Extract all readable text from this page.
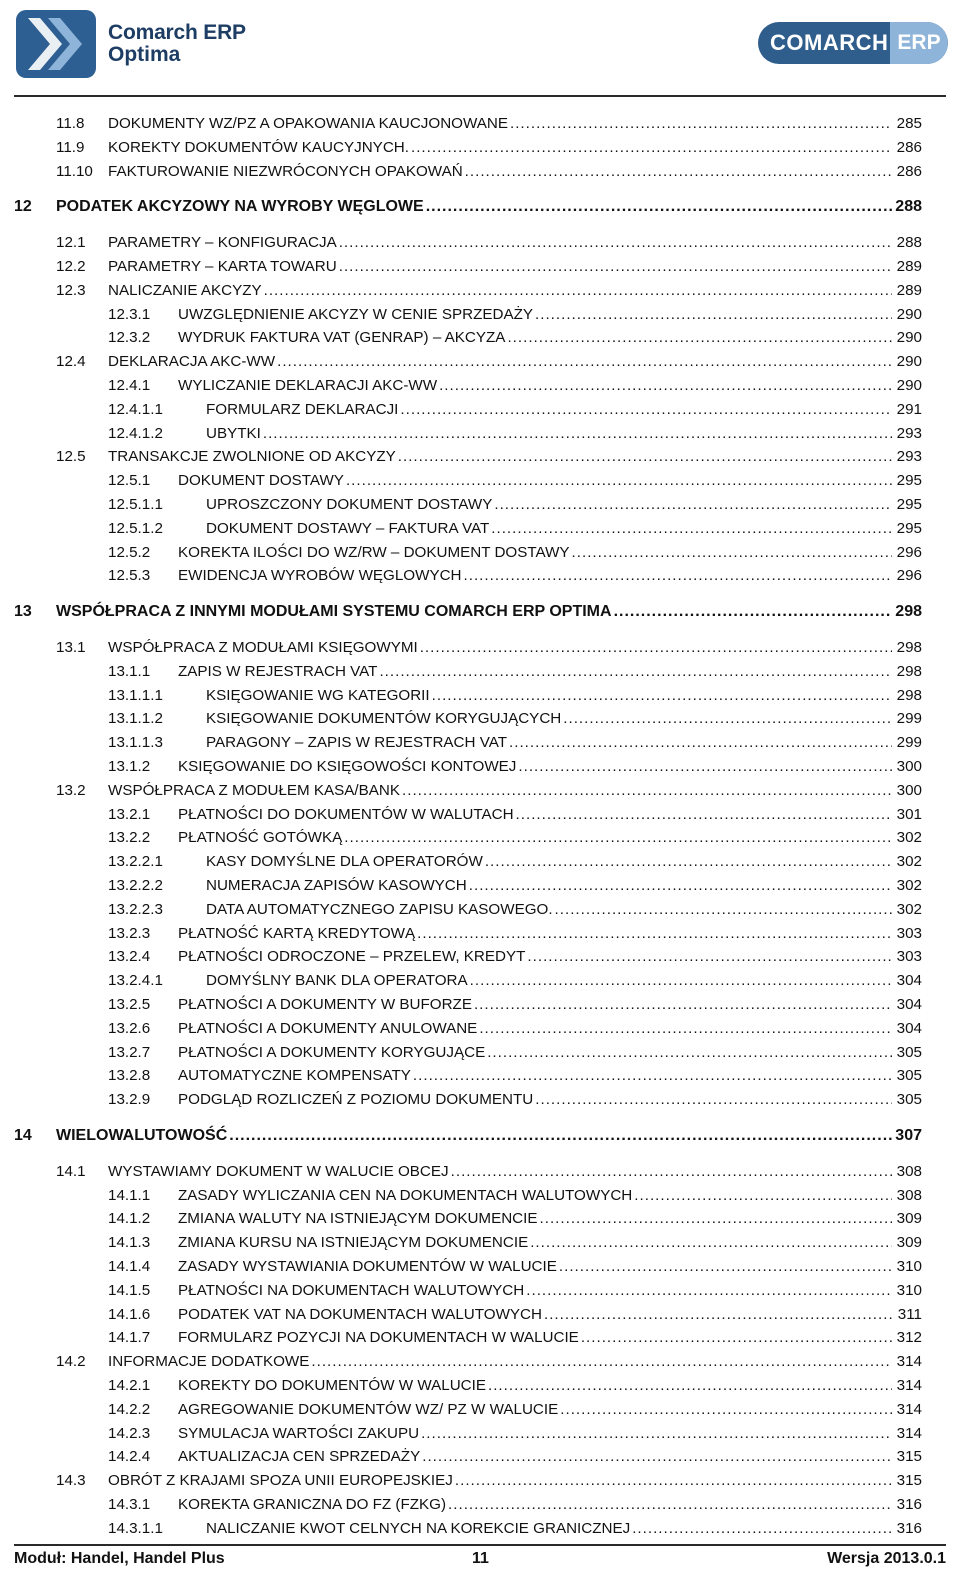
Comarch ERP
Optima	COMARCH ERP
11.8 DOKUMENTY WZ/PZ A OPAKOWANIA KAUCJONOWANE .....	285
11.9 KOREKTY DOKUMENTÓW KAUCYJNYCH. .....	286
11.10 FAKTUROWANIE NIEZWRÓCONYCH OPAKOWAŃ .....	286
12 PODATEK AKCYZOWY NA WYROBY WĘGLOWE .....	288
12.1 PARAMETRY – KONFIGURACJA .....	288
12.2 PARAMETRY – KARTA TOWARU .....	289
12.3 NALICZANIE AKCYZY .....	289
12.3.1 UWZGLĘDNIENIE AKCYZY W CENIE SPRZEDAŻY .....	290
12.3.2 WYDRUK FAKTURA VAT (GENRAP) – AKCYZA .....	290
12.4 DEKLARACJA AKC-WW .....	290
12.4.1 WYLICZANIE DEKLARACJI AKC-WW .....	290
12.4.1.1	FORMULARZ DEKLARACJI .....	291
12.4.1.2	UBYTKI .....	293
12.5 TRANSAKCJE ZWOLNIONE OD AKCYZY .....	293
12.5.1 DOKUMENT DOSTAWY .....	295
12.5.1.1	UPROSZCZONY DOKUMENT DOSTAWY .....	295
12.5.1.2	DOKUMENT DOSTAWY – FAKTURA VAT .....	295
12.5.2 KOREKTA ILOŚCI DO WZ/RW – DOKUMENT DOSTAWY .....	296
12.5.3 EWIDENCJA WYROBÓW WĘGLOWYCH .....	296
13 WSPÓŁPRACA Z INNYMI MODUŁAMI SYSTEMU COMARCH ERP OPTIMA .....	298
13.1 WSPÓŁPRACA Z MODUŁAMI KSIĘGOWYMI .....	298
13.1.1 ZAPIS W REJESTRACH VAT .....	298
13.1.1.1	KSIĘGOWANIE WG KATEGORII .....	298
13.1.1.2	KSIĘGOWANIE DOKUMENTÓW KORYGUJĄCYCH .....	299
13.1.1.3	PARAGONY – ZAPIS W REJESTRACH VAT .....	299
13.1.2 KSIĘGOWANIE DO KSIĘGOWOŚCI KONTOWEJ .....	300
13.2 WSPÓŁPRACA Z MODUŁEM KASA/BANK .....	300
13.2.1 PŁATNOŚCI DO DOKUMENTÓW W WALUTACH .....	301
13.2.2 PŁATNOŚĆ GOTÓWKĄ .....	302
13.2.2.1	KASY DOMYŚLNE DLA OPERATORÓW .....	302
13.2.2.2	NUMERACJA ZAPISÓW KASOWYCH .....	302
13.2.2.3	DATA AUTOMATYCZNEGO ZAPISU KASOWEGO. .....	302
13.2.3 PŁATNOŚĆ KARTĄ KREDYTOWĄ .....	303
13.2.4 PŁATNOŚCI ODROCZONE – PRZELEW, KREDYT .....	303
13.2.4.1	DOMYŚLNY BANK DLA OPERATORA .....	304
13.2.5 PŁATNOŚCI A DOKUMENTY W BUFORZE .....	304
13.2.6 PŁATNOŚCI A DOKUMENTY ANULOWANE .....	304
13.2.7 PŁATNOŚCI A DOKUMENTY KORYGUJĄCE .....	305
13.2.8 AUTOMATYCZNE KOMPENSATY .....	305
13.2.9 PODGLĄD ROZLICZEŃ Z POZIOMU DOKUMENTU .....	305
14 WIELOWALUTOWOŚĆ .....	307
14.1 WYSTAWIAMY DOKUMENT W WALUCIE OBCEJ .....	308
14.1.1 ZASADY WYLICZANIA CEN NA DOKUMENTACH WALUTOWYCH .....	308
14.1.2 ZMIANA WALUTY NA ISTNIEJĄCYM DOKUMENCIE .....	309
14.1.3 ZMIANA KURSU NA ISTNIEJĄCYM DOKUMENCIE .....	309
14.1.4 ZASADY WYSTAWIANIA DOKUMENTÓW W WALUCIE .....	310
14.1.5 PŁATNOŚCI NA DOKUMENTACH WALUTOWYCH .....	310
14.1.6 PODATEK VAT NA DOKUMENTACH WALUTOWYCH .....	311
14.1.7 FORMULARZ POZYCJI NA DOKUMENTACH W WALUCIE .....	312
14.2 INFORMACJE DODATKOWE .....	314
14.2.1 KOREKTY DO DOKUMENTÓW W WALUCIE .....	314
14.2.2 AGREGOWANIE DOKUMENTÓW WZ/ PZ W WALUCIE .....	314
14.2.3 SYMULACJA WARTOŚCI ZAKUPU .....	314
14.2.4 AKTUALIZACJA CEN SPRZEDAŻY .....	315
14.3 OBRÓT Z KRAJAMI SPOZA UNII EUROPEJSKIEJ .....	315
14.3.1 KOREKTA GRANICZNA DO FZ (FZKG) .....	316
14.3.1.1	NALICZANIE KWOT CELNYCH NA KOREKCIE GRANICZNEJ .....	316
Moduł: Handel, Handel Plus	11	Wersja 2013.0.1
